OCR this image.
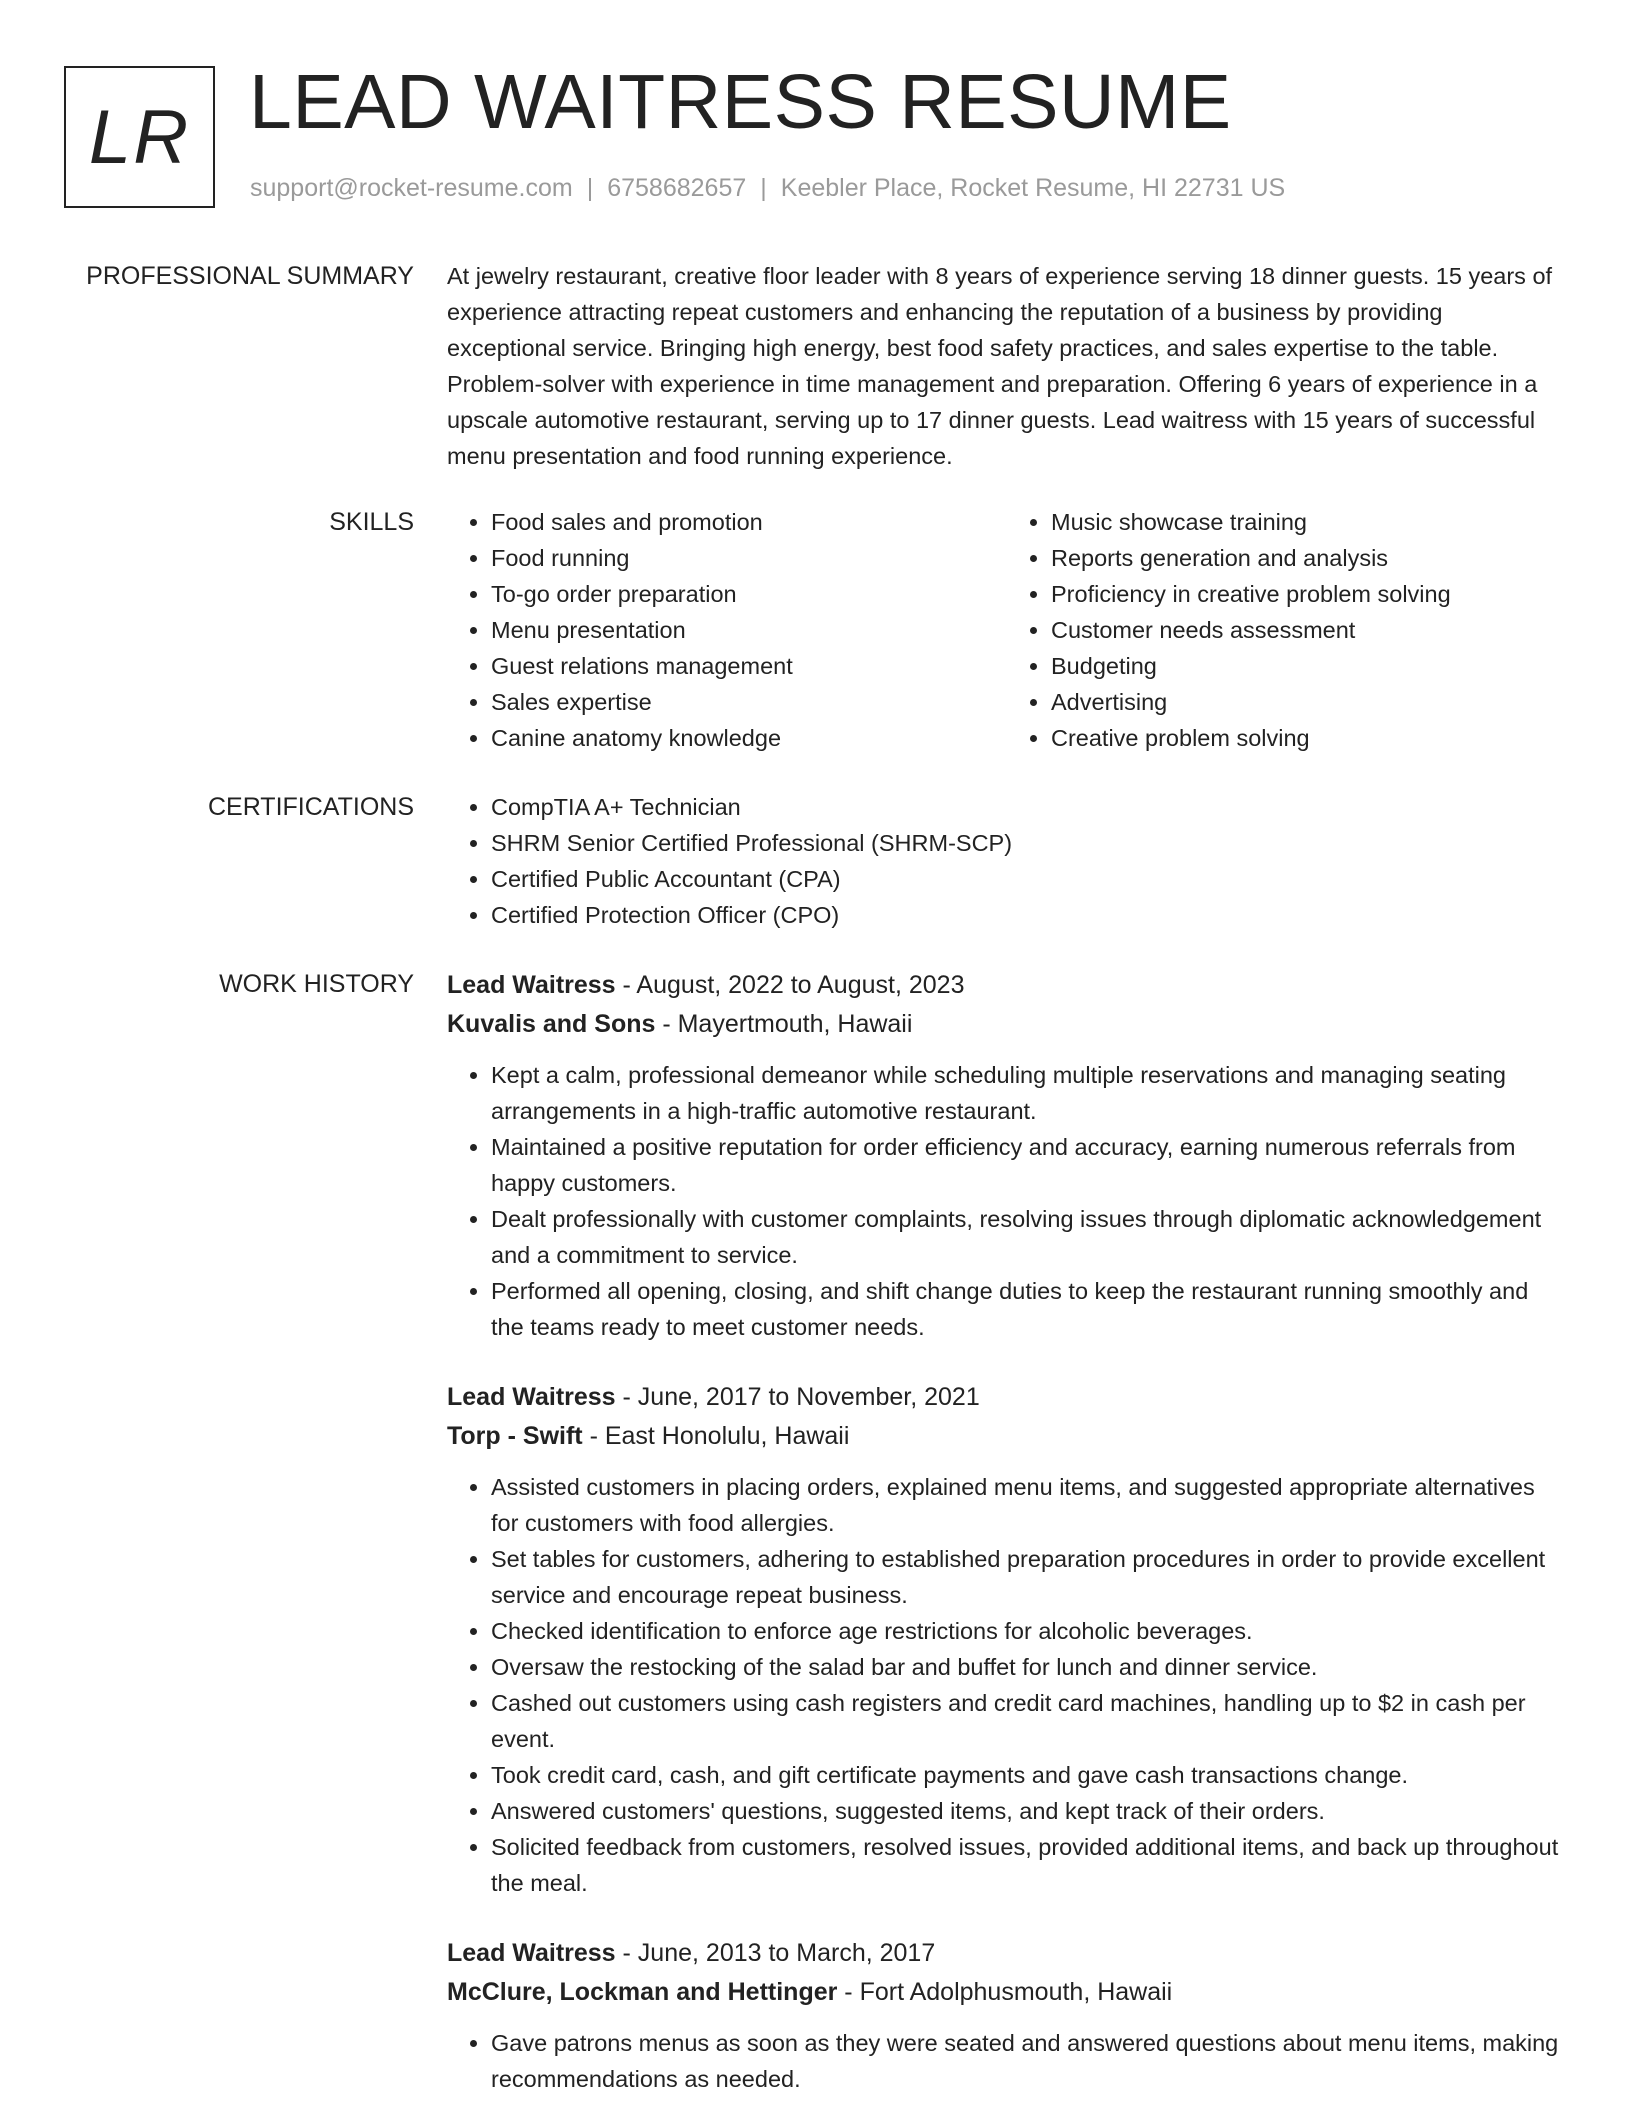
LR LEAD WAITRESS RESUME
support@rocket-resume.com | 6758682657 | Keebler Place, Rocket Resume, HI 22731 US
PROFESSIONAL SUMMARY At jewelry restaurant, creative floor leader with 8 years of experience serving 18 dinner guests. 15 years of experience attracting repeat customers and enhancing the reputation of a business by providing exceptional service. Bringing high energy, best food safety practices, and sales expertise to the table. Problem-solver with experience in time management and preparation. Offering 6 years of experience in a upscale automotive restaurant, serving up to 17 dinner guests. Lead waitress with 15 years of successful menu presentation and food running experience.

SKILLS	• Food sales and promotion
• Food running
• To-go order preparation
• Menu presentation
• Guest relations management
• Sales expertise
• Canine anatomy knowledge
• Music showcase training
• Reports generation and analysis
• Proficiency in creative problem solving
• Customer needs assessment
• Budgeting
• Advertising
• Creative problem solving
CERTIFICATIONS	• CompTIA A+ Technician
• SHRM Senior Certified Professional (SHRM-SCP)
• Certified Public Accountant (CPA)
• Certified Protection Officer (CPO)
WORK HISTORY Lead Waitress - August, 2022 to August, 2023
Kuvalis and Sons - Mayertmouth, Hawaii
• Kept a calm, professional demeanor while scheduling multiple reservations and managing seating arrangements in a high-traffic automotive restaurant.
• Maintained a positive reputation for order efficiency and accuracy, earning numerous referrals from happy customers.
• Dealt professionally with customer complaints, resolving issues through diplomatic acknowledgement and a commitment to service.
• Performed all opening, closing, and shift change duties to keep the restaurant running smoothly and the teams ready to meet customer needs.
Lead Waitress - June, 2017 to November, 2021
Torp - Swift - East Honolulu, Hawaii
• Assisted customers in placing orders, explained menu items, and suggested appropriate alternatives for customers with food allergies.
• Set tables for customers, adhering to established preparation procedures in order to provide excellent service and encourage repeat business.
• Checked identification to enforce age restrictions for alcoholic beverages.
• Oversaw the restocking of the salad bar and buffet for lunch and dinner service.
• Cashed out customers using cash registers and credit card machines, handling up to $2 in cash per event.
• Took credit card, cash, and gift certificate payments and gave cash transactions change.
• Answered customers' questions, suggested items, and kept track of their orders.
• Solicited feedback from customers, resolved issues, provided additional items, and back up throughout the meal.
Lead Waitress - June, 2013 to March, 2017
McClure, Lockman and Hettinger - Fort Adolphusmouth, Hawaii
• Gave patrons menus as soon as they were seated and answered questions about menu items, making recommendations as needed.
